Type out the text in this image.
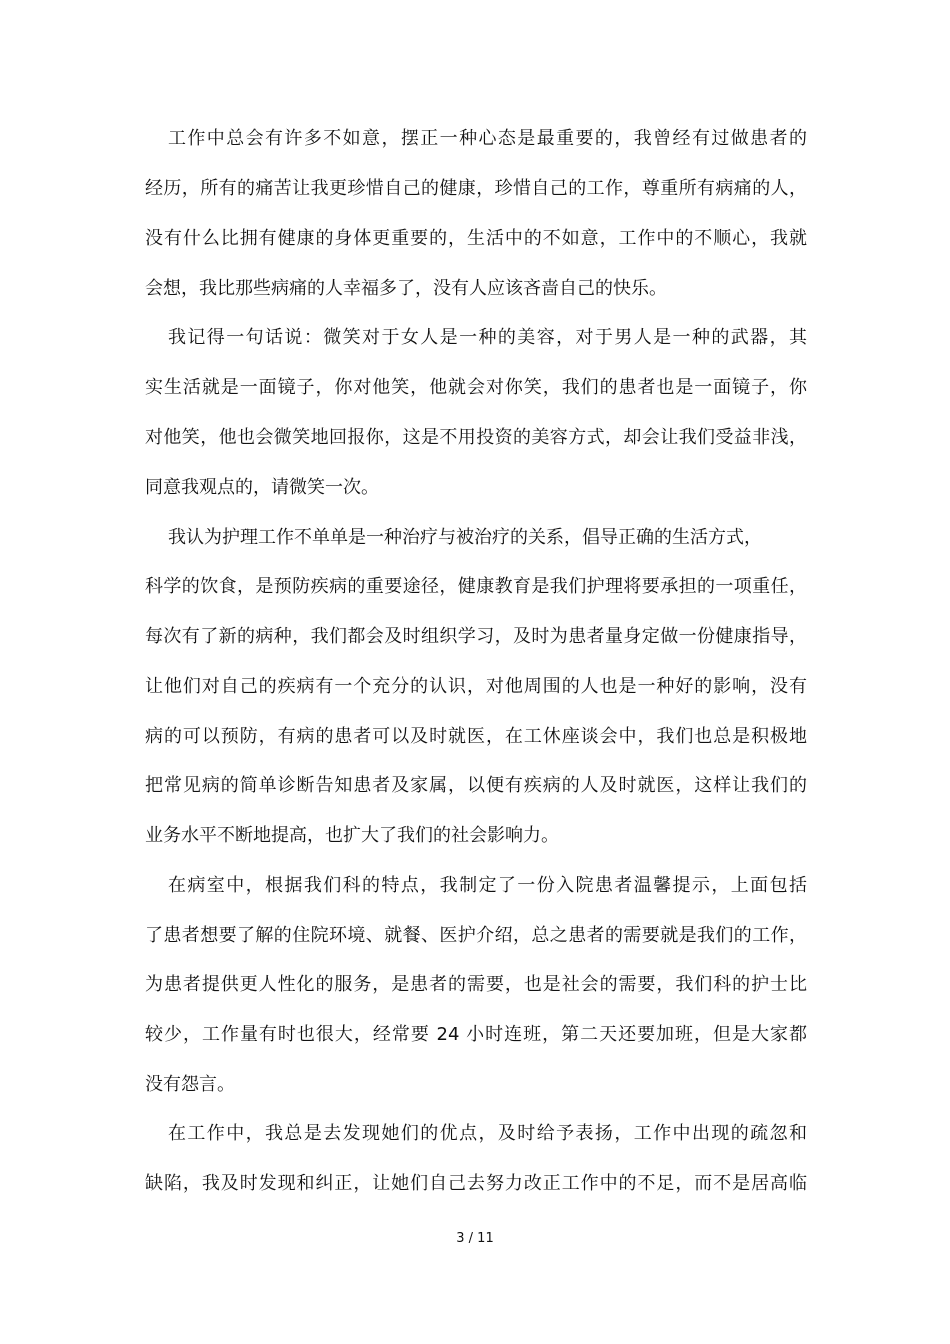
工作中总会有许多不如意，摆正一种心态是最重要的，我曾经有过做患者的
经历，所有的痛苦让我更珍惜自己的健康，珍惜自己的工作，尊重所有病痛的人，
没有什么比拥有健康的身体更重要的，生活中的不如意，工作中的不顺心，我就
会想，我比那些病痛的人幸福多了，没有人应该吝啬自己的快乐。
我记得一句话说：微笑对于女人是一种的美容，对于男人是一种的武器，其
实生活就是一面镜子，你对他笑，他就会对你笑，我们的患者也是一面镜子，你
对他笑，他也会微笑地回报你，这是不用投资的美容方式，却会让我们受益非浅，
同意我观点的，请微笑一次。
我认为护理工作不单单是一种治疗与被治疗的关系，倡导正确的生活方式，
科学的饮食，是预防疾病的重要途径，健康教育是我们护理将要承担的一项重任，
每次有了新的病种，我们都会及时组织学习，及时为患者量身定做一份健康指导，
让他们对自己的疾病有一个充分的认识，对他周围的人也是一种好的影响，没有
病的可以预防，有病的患者可以及时就医，在工休座谈会中，我们也总是积极地
把常见病的简单诊断告知患者及家属，以便有疾病的人及时就医，这样让我们的
业务水平不断地提高，也扩大了我们的社会影响力。
在病室中，根据我们科的特点，我制定了一份入院患者温馨提示，上面包括
了患者想要了解的住院环境、就餐、医护介绍，总之患者的需要就是我们的工作，
为患者提供更人性化的服务，是患者的需要，也是社会的需要，我们科的护士比
较少，工作量有时也很大，经常要 24 小时连班，第二天还要加班，但是大家都
没有怨言。
在工作中，我总是去发现她们的优点，及时给予表扬，工作中出现的疏忽和
缺陷，我及时发现和纠正，让她们自己去努力改正工作中的不足，而不是居高临
3 / 11
